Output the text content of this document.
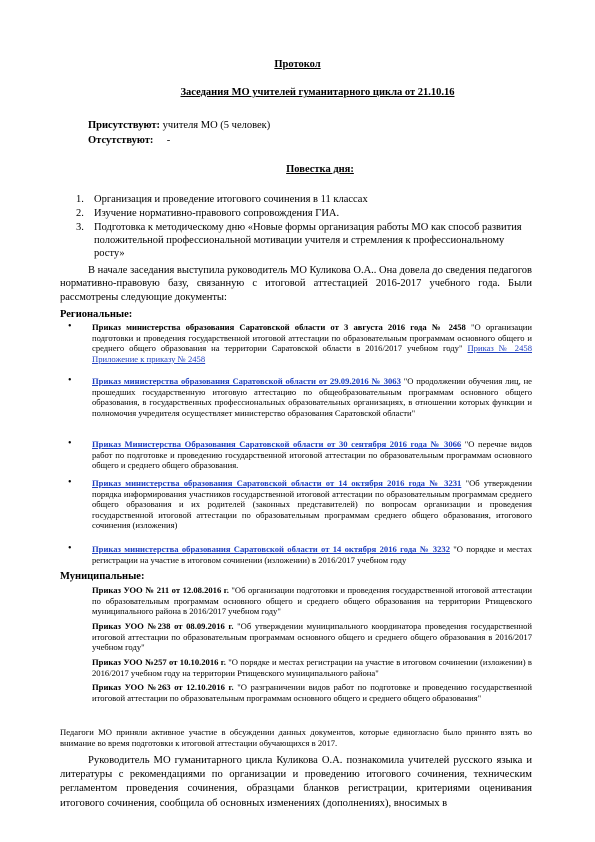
Протокол
Заседания МО учителей гуманитарного цикла от 21.10.16
Присутствуют: учителя МО (5 человек)
Отсутствуют: -
Повестка дня:
1. Организация и проведение итогового сочинения в 11 классах
2. Изучение нормативно-правового сопровождения ГИА.
3. Подготовка к методическому дню «Новые формы организация работы МО как способ развития положительной профессиональной мотивации учителя и стремления к профессиональному росту»
В начале заседания выступила руководитель МО Куликова О.А.. Она довела до сведения педагогов нормативно-правовую базу, связанную с итоговой аттестацией 2016-2017 учебного года. Были рассмотрены следующие документы:
Региональные:
• Приказ министерства образования Саратовской области от 3 августа 2016 года № 2458 "О организации подготовки и проведения государственной итоговой аттестации по образовательным программам основного общего и среднего общего образования на территории Саратовской области в 2016/2017 учебном году" Приказ № 2458 Приложение к приказу № 2458
• Приказ министерства образования Саратовской области от 29.09.2016 № 3063 "О продолжении обучения лиц, не прошедших государственную итоговую аттестацию по общеобразовательным программам основного общего образования, в государственных профессиональных образовательных организациях, в отношении которых функции и полномочия учредителя осуществляет министерство образования Саратовской области"
• Приказ Министерства Образования Саратовской области от 30 сентября 2016 года № 3066 "О перечне видов работ по подготовке и проведению государственной итоговой аттестации по образовательным программам основного общего и среднего общего образования.
• Приказ министерства образования Саратовской области от 14 октября 2016 года № 3231 "Об утверждении порядка информирования участников государственной итоговой аттестации по образовательным программам среднего общего образования и их родителей (законных представителей) по вопросам организации и проведения государственной итоговой аттестации по образовательным программам среднего общего образования, итогового сочинения (изложения)
• Приказ министерства образования Саратовской области от 14 октября 2016 года № 3232 "О порядке и местах регистрации на участие в итоговом сочинении (изложении) в 2016/2017 учебном году
Муниципальные:
Приказ УОО № 211 от 12.08.2016 г. "Об организации подготовки и проведения государственной итоговой аттестации по образовательным программам основного общего и среднего общего образования на территории Ртищевского муниципального района в 2016/2017 учебном году"
Приказ УОО №238 от 08.09.2016 г. "Об утверждении муниципального координатора проведения государственной итоговой аттестации по образовательным программам основного общего и среднего общего образования в 2016/2017 учебном году"
Приказ УОО №257 от 10.10.2016 г. "О порядке и местах регистрации на участие в итоговом сочинении (изложении) в 2016/2017 учебном году на территории Ртищевского муниципального района"
Приказ УОО №263 от 12.10.2016 г. "О разграничении видов работ по подготовке и проведению государственной итоговой аттестации по образовательным программам основного общего и среднего общего образования"
Педагоги МО приняли активное участие в обсуждении данных документов, которые единогласно было принято взять во внимание во время подготовки к итоговой аттестации обучающихся в 2017.
Руководитель МО гуманитарного цикла Куликова О.А. познакомила учителей русского языка и литературы с рекомендациями по организации и проведению итогового сочинения, техническим регламентом проведения сочинения, образцами бланков регистрации, критериями оценивания итогового сочинения, сообщила об основных изменениях (дополнениях), вносимых в
